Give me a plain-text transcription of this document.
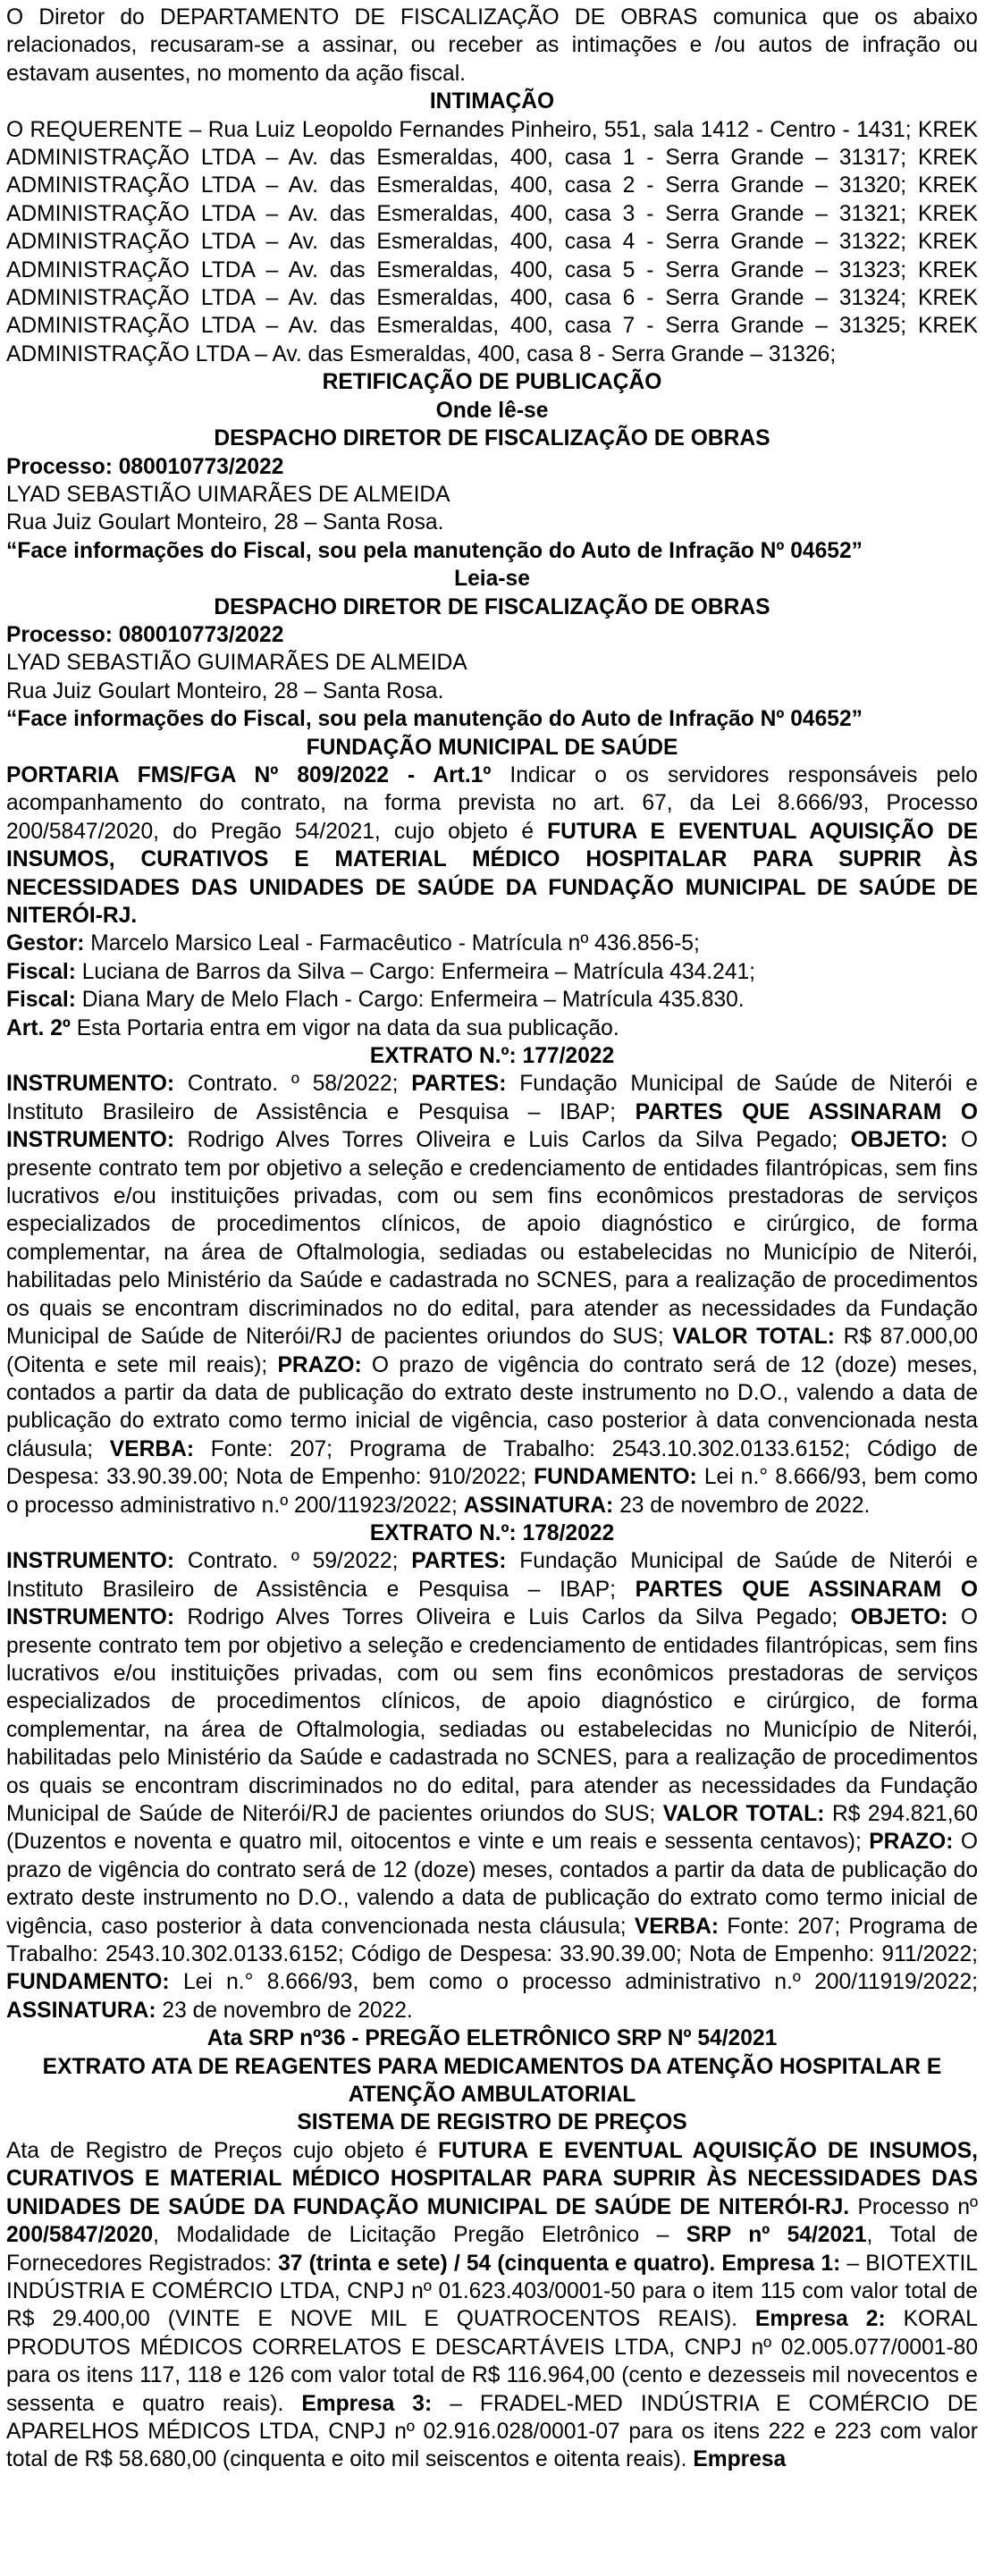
O Diretor do DEPARTAMENTO DE FISCALIZAÇÃO DE OBRAS comunica que os abaixo relacionados, recusaram-se a assinar, ou receber as intimações e /ou autos de infração ou estavam ausentes, no momento da ação fiscal.

INTIMAÇÃO

O REQUERENTE – Rua Luiz Leopoldo Fernandes Pinheiro, 551, sala 1412 - Centro - 1431; KREK ADMINISTRAÇÃO LTDA – Av. das Esmeraldas, 400, casa 1 - Serra Grande – 31317; KREK ADMINISTRAÇÃO LTDA – Av. das Esmeraldas, 400, casa 2 - Serra Grande – 31320; KREK ADMINISTRAÇÃO LTDA – Av. das Esmeraldas, 400, casa 3 - Serra Grande – 31321; KREK ADMINISTRAÇÃO LTDA – Av. das Esmeraldas, 400, casa 4 - Serra Grande – 31322; KREK ADMINISTRAÇÃO LTDA – Av. das Esmeraldas, 400, casa 5 - Serra Grande – 31323; KREK ADMINISTRAÇÃO LTDA – Av. das Esmeraldas, 400, casa 6 - Serra Grande – 31324; KREK ADMINISTRAÇÃO LTDA – Av. das Esmeraldas, 400, casa 7 - Serra Grande – 31325; KREK ADMINISTRAÇÃO LTDA – Av. das Esmeraldas, 400, casa 8 - Serra Grande – 31326;

RETIFICAÇÃO DE PUBLICAÇÃO

Onde lê-se

DESPACHO DIRETOR DE FISCALIZAÇÃO DE OBRAS

Processo: 080010773/2022

LYAD SEBASTIÃO UIMARÃES DE ALMEIDA

Rua Juiz Goulart Monteiro, 28 – Santa Rosa.

“Face informações do Fiscal, sou pela manutenção do Auto de Infração Nº 04652”

Leia-se

DESPACHO DIRETOR DE FISCALIZAÇÃO DE OBRAS

Processo: 080010773/2022

LYAD SEBASTIÃO GUIMARÃES DE ALMEIDA

Rua Juiz Goulart Monteiro, 28 – Santa Rosa.

“Face informações do Fiscal, sou pela manutenção do Auto de Infração Nº 04652”

FUNDAÇÃO MUNICIPAL DE SAÚDE

PORTARIA FMS/FGA Nº 809/2022 - Art.1º Indicar o os servidores responsáveis pelo acompanhamento do contrato, na forma prevista no art. 67, da Lei 8.666/93, Processo 200/5847/2020, do Pregão 54/2021, cujo objeto é FUTURA E EVENTUAL AQUISIÇÃO DE INSUMOS, CURATIVOS E MATERIAL MÉDICO HOSPITALAR PARA SUPRIR ÀS NECESSIDADES DAS UNIDADES DE SAÚDE DA FUNDAÇÃO MUNICIPAL DE SAÚDE DE NITERÓI-RJ.

Gestor: Marcelo Marsico Leal - Farmacêutico - Matrícula nº 436.856-5;

Fiscal: Luciana de Barros da Silva – Cargo: Enfermeira – Matrícula 434.241;

Fiscal: Diana Mary de Melo Flach - Cargo: Enfermeira – Matrícula 435.830.

Art. 2º Esta Portaria entra em vigor na data da sua publicação.

EXTRATO N.º: 177/2022

INSTRUMENTO: Contrato. º 58/2022; PARTES: Fundação Municipal de Saúde de Niterói e Instituto Brasileiro de Assistência e Pesquisa – IBAP; PARTES QUE ASSINARAM O INSTRUMENTO: Rodrigo Alves Torres Oliveira e Luis Carlos da Silva Pegado; OBJETO: O presente contrato tem por objetivo a seleção e credenciamento de entidades filantrópicas, sem fins lucrativos e/ou instituições privadas, com ou sem fins econômicos prestadoras de serviços especializados de procedimentos clínicos, de apoio diagnóstico e cirúrgico, de forma complementar, na área de Oftalmologia, sediadas ou estabelecidas no Município de Niterói, habilitadas pelo Ministério da Saúde e cadastrada no SCNES, para a realização de procedimentos os quais se encontram discriminados no do edital, para atender as necessidades da Fundação Municipal de Saúde de Niterói/RJ de pacientes oriundos do SUS; VALOR TOTAL: R$ 87.000,00 (Oitenta e sete mil reais); PRAZO: O prazo de vigência do contrato será de 12 (doze) meses, contados a partir da data de publicação do extrato deste instrumento no D.O., valendo a data de publicação do extrato como termo inicial de vigência, caso posterior à data convencionada nesta cláusula; VERBA: Fonte: 207; Programa de Trabalho: 2543.10.302.0133.6152; Código de Despesa: 33.90.39.00; Nota de Empenho: 910/2022; FUNDAMENTO: Lei n.° 8.666/93, bem como o processo administrativo n.º 200/11923/2022; ASSINATURA: 23 de novembro de 2022.

EXTRATO N.º: 178/2022

INSTRUMENTO: Contrato. º 59/2022; PARTES: Fundação Municipal de Saúde de Niterói e Instituto Brasileiro de Assistência e Pesquisa – IBAP; PARTES QUE ASSINARAM O INSTRUMENTO: Rodrigo Alves Torres Oliveira e Luis Carlos da Silva Pegado; OBJETO: O presente contrato tem por objetivo a seleção e credenciamento de entidades filantrópicas, sem fins lucrativos e/ou instituições privadas, com ou sem fins econômicos prestadoras de serviços especializados de procedimentos clínicos, de apoio diagnóstico e cirúrgico, de forma complementar, na área de Oftalmologia, sediadas ou estabelecidas no Município de Niterói, habilitadas pelo Ministério da Saúde e cadastrada no SCNES, para a realização de procedimentos os quais se encontram discriminados no do edital, para atender as necessidades da Fundação Municipal de Saúde de Niterói/RJ de pacientes oriundos do SUS; VALOR TOTAL: R$ 294.821,60 (Duzentos e noventa e quatro mil, oitocentos e vinte e um reais e sessenta centavos); PRAZO: O prazo de vigência do contrato será de 12 (doze) meses, contados a partir da data de publicação do extrato deste instrumento no D.O., valendo a data de publicação do extrato como termo inicial de vigência, caso posterior à data convencionada nesta cláusula; VERBA: Fonte: 207; Programa de Trabalho: 2543.10.302.0133.6152; Código de Despesa: 33.90.39.00; Nota de Empenho: 911/2022; FUNDAMENTO: Lei n.° 8.666/93, bem como o processo administrativo n.º 200/11919/2022; ASSINATURA: 23 de novembro de 2022.

Ata SRP nº36 - PREGÃO ELETRÔNICO SRP Nº 54/2021

EXTRATO ATA DE REAGENTES PARA MEDICAMENTOS DA ATENÇÃO HOSPITALAR E ATENÇÃO AMBULATORIAL

SISTEMA DE REGISTRO DE PREÇOS

Ata de Registro de Preços cujo objeto é FUTURA E EVENTUAL AQUISIÇÃO DE INSUMOS, CURATIVOS E MATERIAL MÉDICO HOSPITALAR PARA SUPRIR ÀS NECESSIDADES DAS UNIDADES DE SAÚDE DA FUNDAÇÃO MUNICIPAL DE SAÚDE DE NITERÓI-RJ. Processo nº 200/5847/2020, Modalidade de Licitação Pregão Eletrônico – SRP nº 54/2021, Total de Fornecedores Registrados: 37 (trinta e sete) / 54 (cinquenta e quatro). Empresa 1: – BIOTEXTIL INDÚSTRIA E COMÉRCIO LTDA, CNPJ nº 01.623.403/0001-50 para o item 115 com valor total de R$ 29.400,00 (VINTE E NOVE MIL E QUATROCENTOS REAIS). Empresa 2: KORAL PRODUTOS MÉDICOS CORRELATOS E DESCARTÁVEIS LTDA, CNPJ nº 02.005.077/0001-80 para os itens 117, 118 e 126 com valor total de R$ 116.964,00 (cento e dezesseis mil novecentos e sessenta e quatro reais). Empresa 3: – FRADEL-MED INDÚSTRIA E COMÉRCIO DE APARELHOS MÉDICOS LTDA, CNPJ nº 02.916.028/0001-07 para os itens 222 e 223 com valor total de R$ 58.680,00 (cinquenta e oito mil seiscentos e oitenta reais). Empresa
